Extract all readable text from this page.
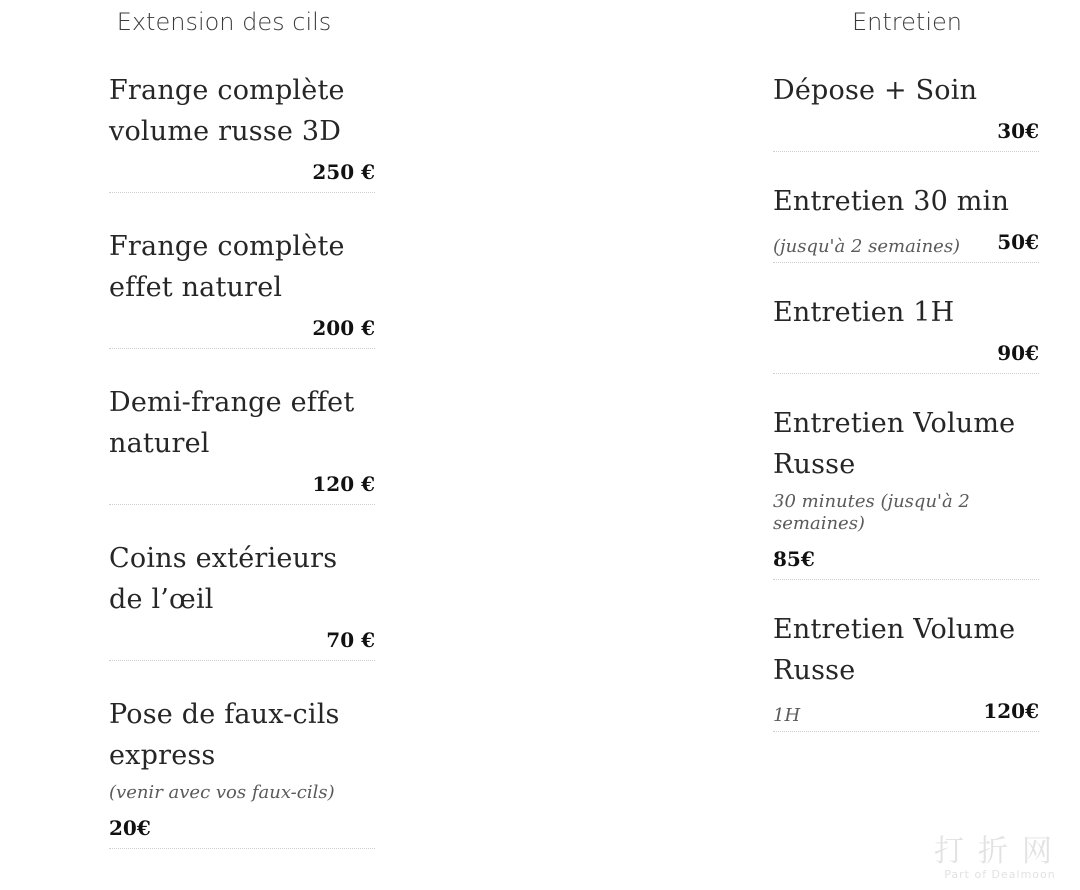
Extension des cils
Frange complète volume russe 3D
250 €
Frange complète effet naturel
200 €
Demi-frange effet naturel
120 €
Coins extérieurs de l’œil
70 €
Pose de faux-cils express
(venir avec vos faux-cils)
20€
Entretien
Dépose + Soin
30€
Entretien 30 min
(jusqu'à 2 semaines) 50€
Entretien 1H
90€
Entretien Volume Russe
30 minutes (jusqu'à 2 semaines)
85€
Entretien Volume Russe
1H	120€
打折网
Part of Dealmoon
